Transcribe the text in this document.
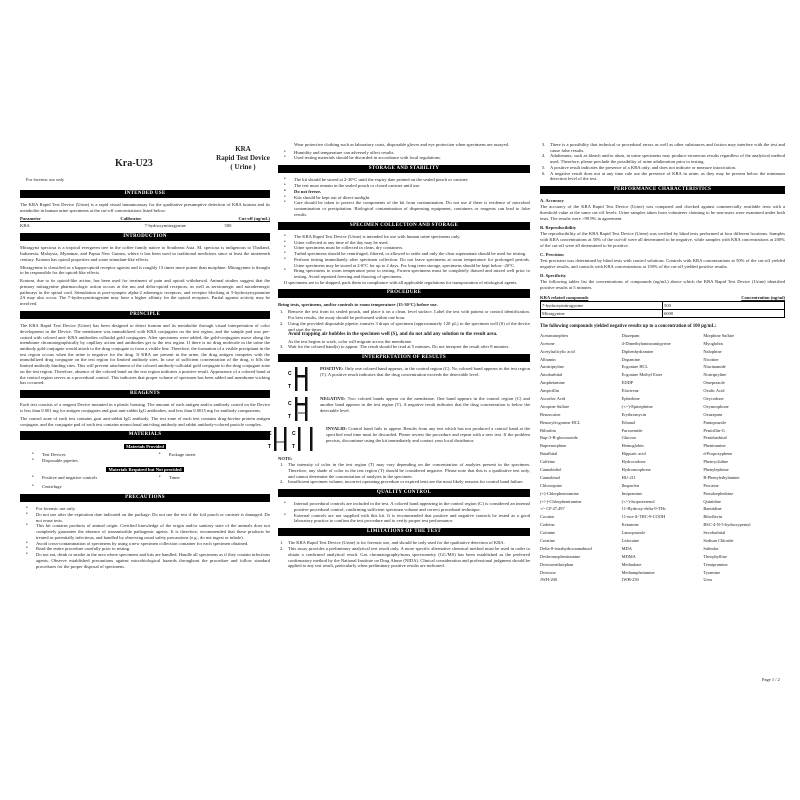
Kra-U23
KRA
Rapid Test Device
( Urine )
For forensic use only
INTENDED USE
The KRA Rapid Test Device (Urine) is a rapid visual immunoassay for the qualitative presumptive detection of KRA kratom and its metabolite in human urine specimens at the cut-off concentrations listed below:
Parameter	Calibrator	Cut-off (ng/mL)
KRA	7-hydroxymitragynine	500
INTRODUCTION
Mitragyna speciosa is a tropical evergreen tree in the coffee family native to Southeast Asia. M. speciosa is indigenous to Thailand, Indonesia, Malaysia, Myanmar, and Papua New Guinea, where it has been used in traditional medicines since at least the nineteenth century. Kratom has opioid properties and some stimulant-like effects.
Mitragynine is classified as a kappa-opioid receptor agonist and is roughly 13 times more potent than morphine. Mitragynine is thought to be responsible for the opioid-like effects.
Kratom, due to its opioid-like action, has been used for treatment of pain and opioid withdrawal. Animal studies suggest that the primary mitragynine pharmacologic action occurs at the mu and delta-opioid receptors, as well as serotonergic and noradrenergic pathways in the spinal cord. Stimulation at post-synaptic alpha-2 adrenergic receptors, and receptor blocking at 5-hydroxytryptamine 2A may also occur. The 7-hydroxymitragynine may have a higher affinity for the opioid receptors. Partial agonist activity may be involved.
PRINCIPLE
The KRA Rapid Test Device (Urine) has been designed to detect kratom and its metabolite through visual interpretation of color development in the Device. The membrane was immobilized with KRA conjugates on the test region, and the sample pad was pre-coated with colored anti- KRA antibodies colloidal gold conjugates. After specimens were added, the gold-conjugates move along the membrane chromatographically by capillary action and antibodies get to the test region. If there is no drug molecule in the urine the antibody gold conjugate would attach to the drug conjugate to form a visible line. Therefore, the formation of a visible precipitant in the test region occurs when the urine is negative for the drug. If KRA are present in the urine, the drug antigen competes with the immobilized drug conjugate on the test region for limited antibody sites. In case of sufficient concentration of the drug, it fills the limited antibody binding sites. This will prevent attachment of the colored antibody-colloidal gold conjugate to the drug conjugate zone on the test region. Therefore, absence of the colored band on the test region indicates a positive result. Appearance of a colored band at the control region serves as a procedural control. This indicates that proper volume of specimen has been added and membrane wicking has occurred.
REAGENTS
Each test consists of a reagent Device mounted in a plastic housing. The amount of each antigen and/or antibody coated on the Device is less than 0.001 mg for antigen conjugates and goat anti-rabbit IgG antibodies, and less than 0.0015 mg for antibody components.
The control zone of each test contains goat anti-rabbit IgG antibody. The test zone of each test contains drug-bovine protein antigen conjugate, and the conjugate pad of each test contains monoclonal anti-drug antibody and rabbit antibody-colored particle complex.
MATERIALS
Materials Provided
• Test Devices
• Disposable pipettes
• Package insert
Materials Required but Not provided
• Positive and negative controls
• Centrifuge
• Timer
PRECAUTIONS
• For forensic use only.
• Do not use after the expiration date indicated on the package. Do not use the test if the foil pouch or canister is damaged. Do not reuse tests.
• This kit contains products of animal origin. Certified knowledge of the origin and/or sanitary state of the animals does not completely guarantee the absence of transmissible pathogenic agents. It is therefore, recommended that these products be treated as potentially infectious, and handled by observing usual safety precautions (e.g., do not ingest or inhale).
• Avoid cross-contamination of specimens by using a new specimen collection container for each specimen obtained.
• Read the entire procedure carefully prior to testing.
• Do not eat, drink or smoke in the area where specimens and kits are handled. Handle all specimens as if they contain infectious agents. Observe established precautions against microbiological hazards throughout the procedure and follow standard procedures for the proper disposal of specimens.
Wear protective clothing such as laboratory coats, disposable gloves and eye protection when specimens are assayed.
• Humidity and temperature can adversely affect results.
• Used testing materials should be discarded in accordance with local regulations.
STORAGE AND STABILITY
• The kit should be stored at 2-30°C until the expiry date printed on the sealed pouch or canister.
• The test must remain in the sealed pouch or closed canister until use.
• Do not freeze.
• Kits should be kept out of direct sunlight.
• Care should be taken to protect the components of the kit from contamination. Do not use if there is evidence of microbial contamination or precipitation. Biological contamination of dispensing equipment, containers or reagents can lead to false results.
SPECIMEN COLLECTION AND STORAGE
• The KRA Rapid Test Device (Urine) is intended for use with human urine specimens only.
• Urine collected at any time of the day may be used.
• Urine specimens must be collected in clean, dry containers.
• Turbid specimens should be centrifuged, filtered, or allowed to settle and only the clear supernatant should be used for testing.
• Perform testing immediately after specimen collection. Do not leave specimens at room temperature for prolonged periods. Urine specimens may be stored at 2-8°C for up to 2 days. For long term storage, specimens should be kept below -20°C.
• Bring specimens to room temperature prior to testing. Frozen specimens must be completely thawed and mixed well prior to testing. Avoid repeated freezing and thawing of specimens.
If specimens are to be shipped, pack them in compliance with all applicable regulations for transportation of etiological agents.
PROCEDURE
Bring tests, specimens, and/or controls to room temperature (15-30°C) before use.
1. Remove the test from its sealed pouch, and place it on a clean, level surface. Label the test with patient or control identification. For best results, the assay should be performed within one hour.
2. Using the provided disposable pipette, transfer 3 drops of specimen (approximately 120 µL) to the specimen well (S) of the device and start the timer.
Avoid trapping air bubbles in the specimen well (S), and do not add any solution to the result area.
As the test begins to work, color will migrate across the membrane.
3. Wait for the colored band(s) to appear. The result should be read at 5 minutes. Do not interpret the result after 8 minutes.
INTERPRETATION OF RESULTS
C
T
POSITIVE: Only one colored band appears, in the control region (C). No colored band appears in the test region (T). A positive result indicates that the drug concentration exceeds the detectable level.
C
T
NEGATIVE: Two colored bands appear on the membrane. One band appears in the control region (C) and another band appears in the test region (T). A negative result indicates that the drug concentration is below the detectable level.
C
T
C
T
INVALID: Control band fails to appear. Results from any test which has not produced a control band at the specified read time must be discarded. Please review the procedure and repeat with a new test. If the problem persists, discontinue using the kit immediately and contact your local distributor.
NOTE:
1. The intensity of color in the test region (T) may vary depending on the concentration of analytes present in the specimen. Therefore, any shade of color in the test region (T) should be considered negative. Please note that this is a qualitative test only, and cannot determine the concentration of analytes in the specimen.
2. Insufficient specimen volume, incorrect operating procedure or expired tests are the most likely reasons for control band failure.
QUALITY CONTROL
• Internal procedural controls are included in the test. A colored band appearing in the control region (C) is considered an internal positive procedural control, confirming sufficient specimen volume and correct procedural technique.
• External controls are not supplied with this kit. It is recommended that positive and negative controls be tested as a good laboratory practice to confirm the test procedure and to verify proper test performance.
LIMITATIONS OF THE TEST
1. The KRA Rapid Test Device (Urine) is for forensic use, and should be only used for the qualitative detection of KRA.
2. This assay provides a preliminary analytical test result only. A more specific alternative chemical method must be used in order to obtain a confirmed analytical result. Gas chromatography/mass spectrometry (GC/MS) has been established as the preferred confirmatory method by the National Institute on Drug Abuse (NIDA). Clinical consideration and professional judgment should be applied to any test result, particularly when preliminary positive results are indicated.
3. There is a possibility that technical or procedural errors as well as other substances and factors may interfere with the test and cause false results.
4. Adulterants, such as bleach and/or alum, in urine specimens may produce erroneous results regardless of the analytical method used. Therefore, please preclude the possibility of urine adulteration prior to testing.
5. A positive result indicates the presence of a KRA only, and does not indicate or measure intoxication.
6. A negative result does not at any time rule out the presence of KRA in urine, as they may be present below the minimum detection level of the test.
PERFORMANCE CHARACTERISTICS
A. Accuracy
The accuracy of the KRA Rapid Test Device (Urine) was compared and checked against commercially available tests with a threshold value at the same cut-off levels. Urine samples taken from volunteers claiming to be non-users were examined under both tests. The results were >99.9% in agreement.
B. Reproducibility
The reproducibility of the KRA Rapid Test Device (Urine) was verified by blind tests performed at four different locations. Samples with KRA concentrations at 50% of the cut-off were all determined to be negative, while samples with KRA concentrations at 200% of the cut-off were all determined to be positive.
C. Precision
Test precision was determined by blind tests with control solutions. Controls with KRA concentrations at 50% of the cut-off yielded negative results, and controls with KRA concentrations at 150% of the cut-off yielded positive results.
D. Specificity
The following tables list the concentrations of compounds (ng/mL) above which the KRA Rapid Test Device (Urine) identified positive results at 5 minutes.
KRA related compounds	Concentration (ng/ml)
7-hydroxymitragynine	500
Mitragynine	6000
The following compounds yielded negative results up to a concentration of 100 µg/mL:
Acetaminophen	Diazepam	Morphine Sulfate
Acetone	4-Dimethylaminoantipyrine	Myoglobin
Acetylsalicylic acid	Diphenhydramine	Nalophine
Albumin	Dopamine	Nicotine
Amitriptyline	Ecgonine HCL	Niacinamide
Amobarbital	Ecgonine Methyl Ester	Nortriptyline
Amphetamine	EDDP	Omeprazole
Ampicillin	Efavirenz	Oxalic Acid
Ascorbic Acid	Ephedrine	Oxycodone
Atropine Sulfate	(+/-)-Epinephrine	Oxymorphone
Benzocaine	Erythromycin	Oxazepam
Benzoylecgonine HCL	Ethanol	Pantoprazole
Bilirubin	Furosemide	Penicillin-G
Bup-3-B-glucuronide	Glucose	Pentobarbital
Buprenorphine	Hemoglobin	Pheniramine
Butalbital	Hippuric acid	d-Propoxyphene
Caffeine	Hydrocodone	Phencyclidine
Cannabidiol	Hydromorphone	Phenylephrine
Cannabinol	HU-211	B-Phenylethylamine
Chloroquine	Ibuprofen	Procaine
(+)-Chlorpheniramine	Imipramine	Pseudoephedrine
(+/-)-Chlorpheniramine	(+/-)-Isoproterenol	Quinidine
+/- CP 47,497	11-Hydroxy-delta-9-THc	Ranitidine
Cocaine	11-nor-Δ-THC-9-COOH	Riboflavin
Codeine	Ketamine	RSC-4-N-5-hydroxypentyl
Cotinine	Lansoprazole	Secobarbital
Creatine	Lidocaine	Sodium Chloride
Delta-8-tetrahydrocannabinol	MDA	Sulindac
Desbromopheniramine	MDMA	Theophylline
Dextromethorphan	Methadone	Trimipramine
Dextrose	Methamphetamine	Tyramine
JWH-200	JWH-250	Urea
Page 1 / 2
